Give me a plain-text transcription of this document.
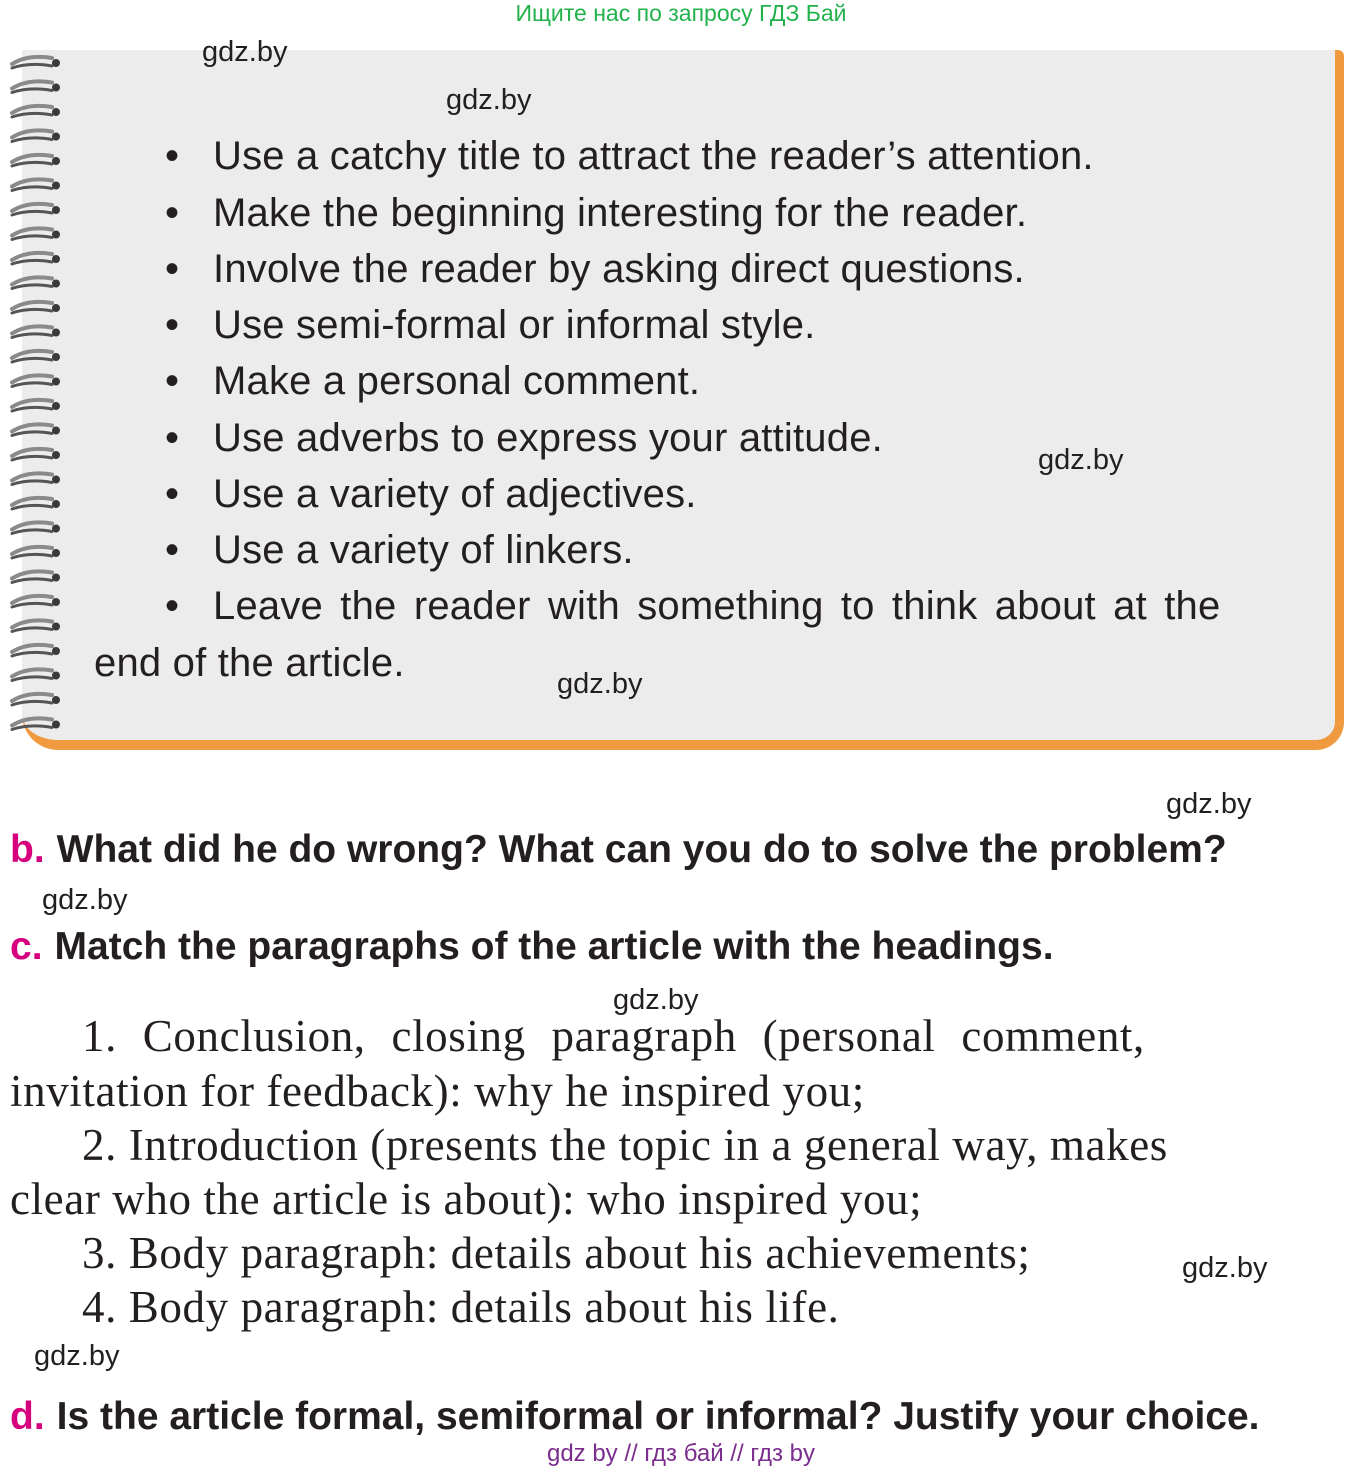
Ищите нас по запросу ГДЗ Бай
gdz.by
gdz.by
• Use a catchy title to attract the reader’s attention.
• Make the beginning interesting for the reader.
• Involve the reader by asking direct questions.
• Use semi-formal or informal style.
• Make a personal comment.
• Use adverbs to express your attitude.	gdz.by
• Use a variety of adjectives.
• Use a variety of linkers.
• Leave the reader with something to think about at the
end of the article.	gdz.by
gdz.by
b. What did he do wrong? What can you do to solve the problem?
gdz.by
c. Match the paragraphs of the article with the headings.
gdz.by
1. Conclusion, closing paragraph (personal comment,
invitation for feedback): why he inspired you;
2. Introduction (presents the topic in a general way, makes
clear who the article is about): who inspired you;
3. Body paragraph: details about his achievements;	gdz.by
4. Body paragraph: details about his life.
gdz.by
d. Is the article formal, semiformal or informal? Justify your choice.
gdz by // гдз бай // гдз by
